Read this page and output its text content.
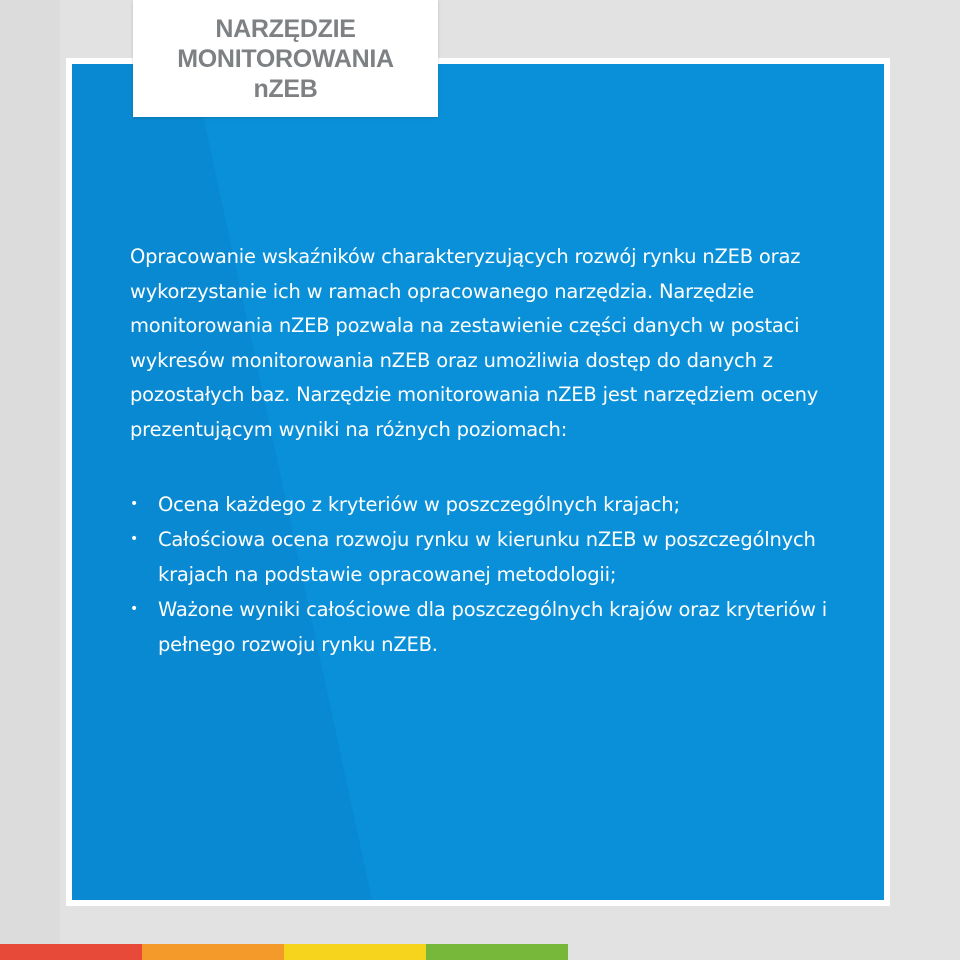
NARZĘDZIE
MONITOROWANIA
nZEB

Opracowanie wskaźników charakteryzujących rozwój rynku nZEB oraz wykorzystanie ich w ramach opracowanego narzędzia. Narzędzie monitorowania nZEB pozwala na zestawienie części danych w postaci wykresów monitorowania nZEB oraz umożliwia dostęp do danych z pozostałych baz. Narzędzie monitorowania nZEB jest narzędziem oceny prezentującym wyniki na różnych poziomach:

• Ocena każdego z kryteriów w poszczególnych krajach;
• Całościowa ocena rozwoju rynku w kierunku nZEB w poszczególnych krajach na podstawie opracowanej metodologii;
• Ważone wyniki całościowe dla poszczególnych krajów oraz kryteriów i pełnego rozwoju rynku nZEB.
